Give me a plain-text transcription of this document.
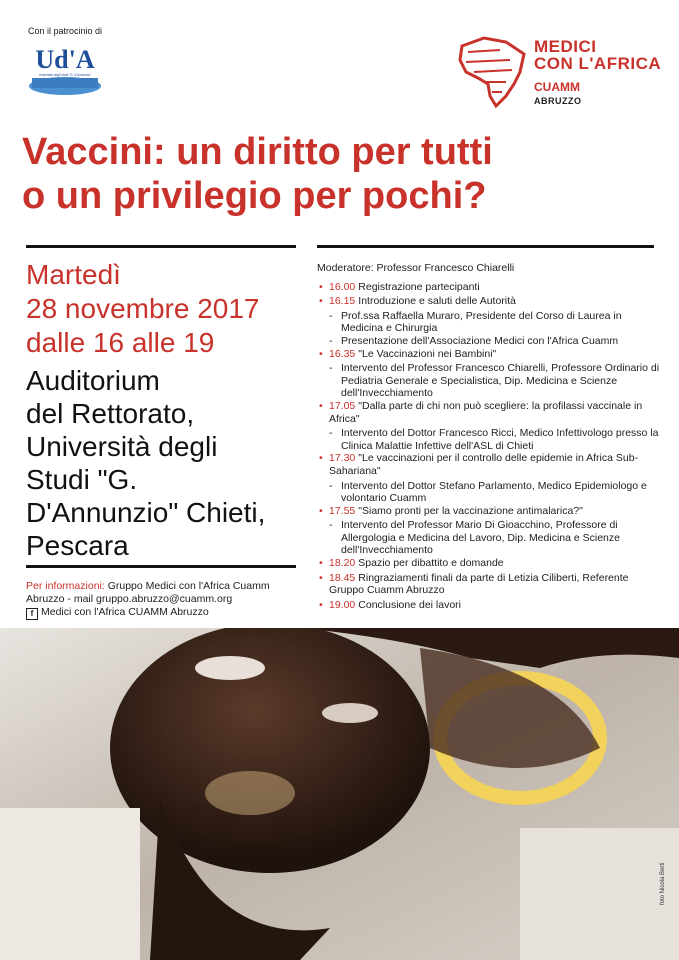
Con il patrocinio di
Ud'A
Università degli studi "G. d'Annunzio"
MEDICI
CON L'AFRICA
CUAMM
ABRUZZO
Vaccini: un diritto per tutti
o un privilegio per pochi?
Martedì
28 novembre 2017
dalle 16 alle 19
Auditorium
del Rettorato,
Università degli
Studi "G.
D'Annunzio" Chieti,
Pescara
Per informazioni: Gruppo Medici con l'Africa Cuamm
Abruzzo - mail gruppo.abruzzo@cuamm.org
f Medici con l'Africa CUAMM Abruzzo
Moderatore: Professor Francesco Chiarelli
• 16.00 Registrazione partecipanti
• 16.15 Introduzione e saluti delle Autorità
- Prof.ssa Raffaella Muraro, Presidente del Corso di Laurea in Medicina e Chirurgia
- Presentazione dell'Associazione Medici con l'Africa Cuamm
• 16.35 "Le Vaccinazioni nei Bambini"
- Intervento del Professor Francesco Chiarelli, Professore Ordinario di Pediatria Generale e Specialistica, Dip. Medicina e Scienze dell'Invecchiamento
• 17.05 "Dalla parte di chi non può scegliere: la profilassi vaccinale in Africa"
- Intervento del Dottor Francesco Ricci, Medico Infettivologo presso la Clinica Malattie Infettive dell'ASL di Chieti
• 17.30 "Le vaccinazioni per il controllo delle epidemie in Africa Sub-Sahariana"
- Intervento del Dottor Stefano Parlamento, Medico Epidemiologo e volontario Cuamm
• 17.55 "Siamo pronti per la vaccinazione antimalarica?"
- Intervento del Professor Mario Di Gioacchino, Professore di Allergologia e Medicina del Lavoro, Dip. Medicina e Scienze dell'Invecchiamento
• 18.20 Spazio per dibattito e domande
• 18.45 Ringraziamenti finali da parte di Letizia Ciliberti, Referente Gruppo Cuamm Abruzzo
• 19.00 Conclusione dei lavori
foto Nicola Berti
